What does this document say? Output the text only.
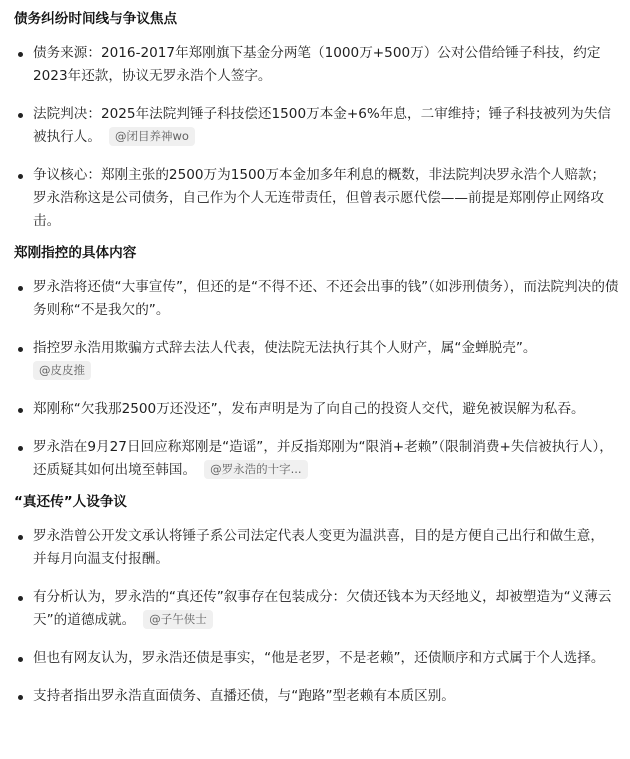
债务纠纷时间线与争议焦点
债务来源：2016-2017年郑刚旗下基金分两笔（1000万+500万）公对公借给锤子科技，约定2023年还款，协议无罗永浩个人签字。
法院判决：2025年法院判锤子科技偿还1500万本金+6%年息，二审维持；锤子科技被列为失信被执行人。 @闭目养神wo
争议核心：郑刚主张的2500万为1500万本金加多年利息的概数，非法院判决罗永浩个人赔款；罗永浩称这是公司债务，自己作为个人无连带责任，但曾表示愿代偿——前提是郑刚停止网络攻击。
郑刚指控的具体内容
罗永浩将还债“大事宣传”，但还的是“不得不还、不还会出事的钱”（如涉刑债务），而法院判决的债务则称“不是我欠的”。
指控罗永浩用欺骗方式辞去法人代表，使法院无法执行其个人财产，属“金蝉脱壳”。
@皮皮推
郑刚称“欠我那2500万还没还”，发布声明是为了向自己的投资人交代，避免被误解为私吞。
罗永浩在9月27日回应称郑刚是“造谣”，并反指郑刚为“限消+老赖”（限制消费+失信被执行人），还质疑其如何出境至韩国。 @罗永浩的十字...
“真还传”人设争议
罗永浩曾公开发文承认将锤子系公司法定代表人变更为温洪喜，目的是方便自己出行和做生意，并每月向温支付报酬。
有分析认为，罗永浩的“真还传”叙事存在包装成分：欠债还钱本为天经地义，却被塑造为“义薄云天”的道德成就。 @子午侠士
但也有网友认为，罗永浩还债是事实，“他是老罗，不是老赖”，还债顺序和方式属于个人选择。
支持者指出罗永浩直面债务、直播还债，与“跑路”型老赖有本质区别。
